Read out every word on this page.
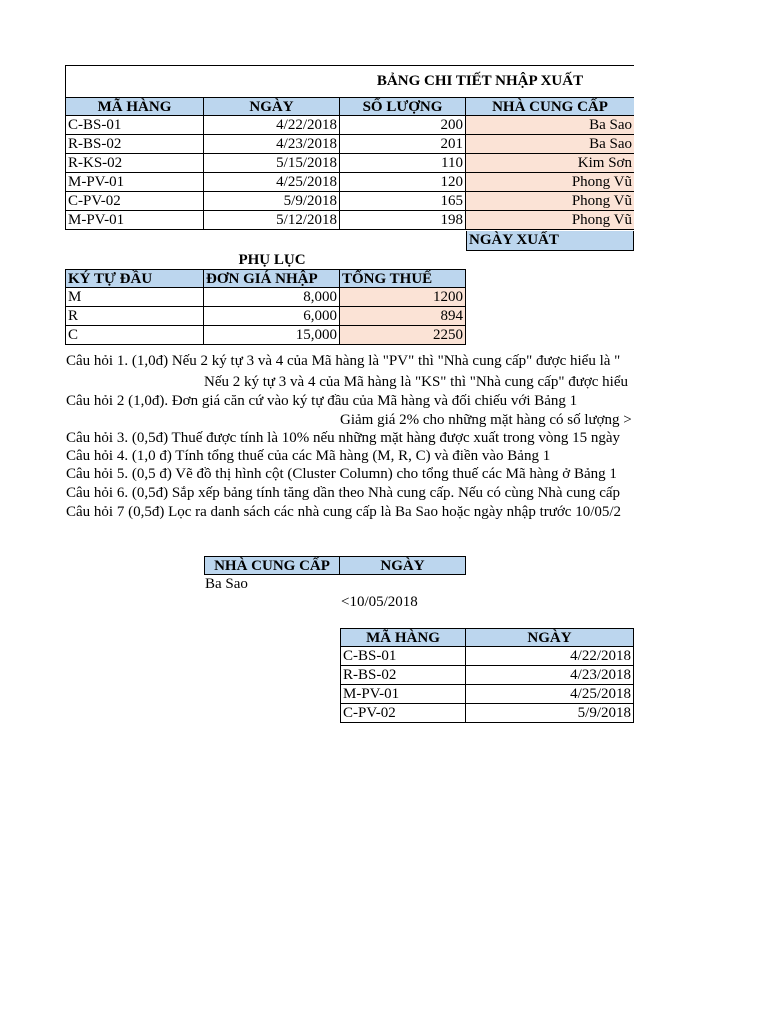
BẢNG CHI TIẾT NHẬP XUẤT
MÃ HÀNG	NGÀY	SỐ LƯỢNG	NHÀ CUNG CẤP
C-BS-01	4/22/2018	200	Ba Sao
R-BS-02	4/23/2018	201	Ba Sao
R-KS-02	5/15/2018	110	Kim Sơn
M-PV-01	4/25/2018	120	Phong Vũ
C-PV-02	5/9/2018	165	Phong Vũ
M-PV-01	5/12/2018	198	Phong Vũ
NGÀY XUẤT
PHỤ LỤC
KÝ TỰ ĐẦU	ĐƠN GIÁ NHẬP	TỔNG THUẾ
M	8,000	1200
R	6,000	894
C	15,000	2250
Câu hỏi 1. (1,0đ) Nếu 2 ký tự 3 và 4 của Mã hàng là "PV" thì "Nhà cung cấp" được hiểu là "
Nếu 2 ký tự 3 và 4 của Mã hàng là "KS" thì "Nhà cung cấp" được hiểu
Câu hỏi 2 (1,0đ). Đơn giá căn cứ vào ký tự đầu của Mã hàng và đối chiếu với Bảng 1
Giảm giá 2% cho những mặt hàng có số lượng >
Câu hỏi 3. (0,5đ) Thuế được tính là 10% nếu những mặt hàng được xuất trong vòng 15 ngày
Câu hỏi 4. (1,0 đ) Tính tổng thuế của các Mã hàng (M, R, C) và điền vào Bảng 1
Câu hỏi 5. (0,5 đ) Vẽ đồ thị hình cột (Cluster Column) cho tổng thuế các Mã hàng ở Bảng 1
Câu hỏi 6. (0,5đ) Sắp xếp bảng tính tăng dần theo Nhà cung cấp. Nếu có cùng Nhà cung cấp
Câu hỏi 7 (0,5đ) Lọc ra danh sách các nhà cung cấp là Ba Sao hoặc ngày nhập trước 10/05/2
NHÀ CUNG CẤP	NGÀY
Ba Sao
<10/05/2018
MÃ HÀNG	NGÀY
C-BS-01	4/22/2018
R-BS-02	4/23/2018
M-PV-01	4/25/2018
C-PV-02	5/9/2018
